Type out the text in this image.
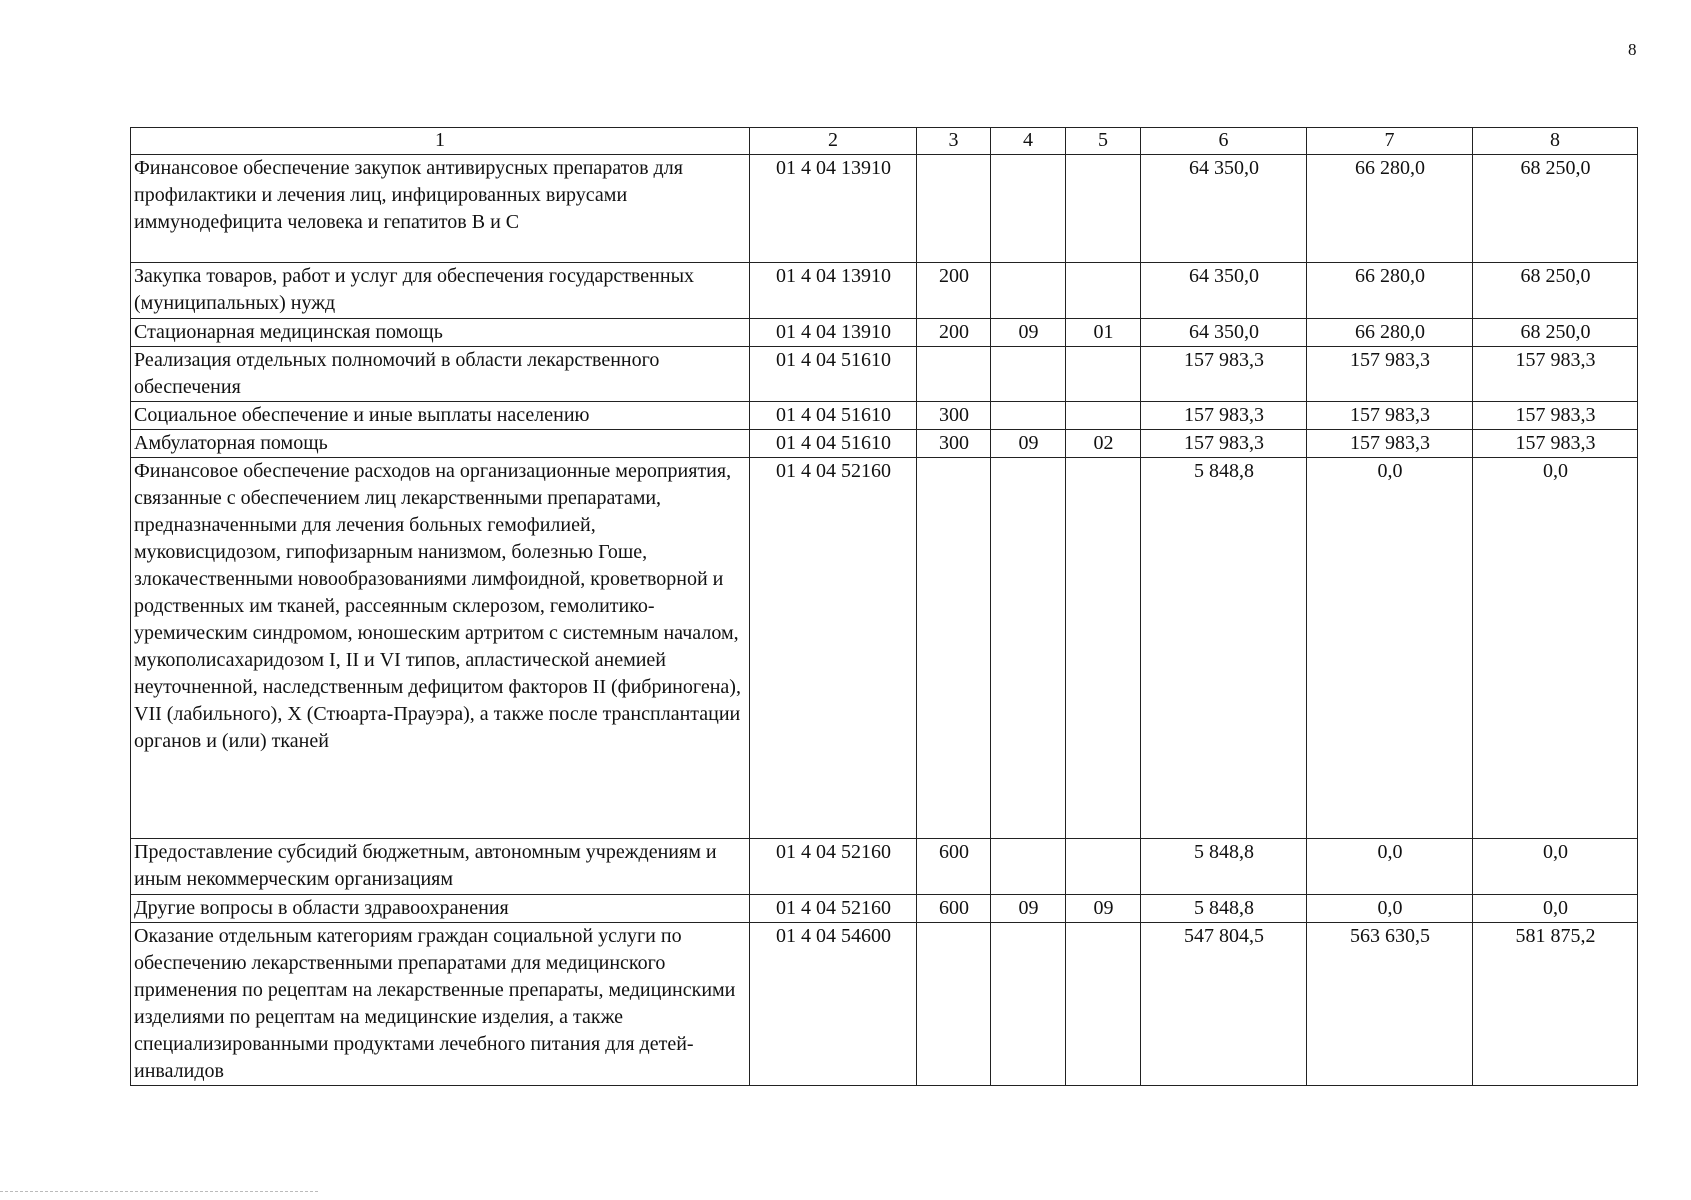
8
1	2	3	4	5	6	7	8
Финансовое обеспечение закупок антивирусных препаратов для профилактики и лечения лиц, инфицированных вирусами иммунодефицита человека и гепатитов В и С	01 4 04 13910				64 350,0	66 280,0	68 250,0
Закупка товаров, работ и услуг для обеспечения государственных (муниципальных) нужд	01 4 04 13910	200			64 350,0	66 280,0	68 250,0
Стационарная медицинская помощь	01 4 04 13910	200	09	01	64 350,0	66 280,0	68 250,0
Реализация отдельных полномочий в области лекарственного обеспечения	01 4 04 51610				157 983,3	157 983,3	157 983,3
Социальное обеспечение и иные выплаты населению	01 4 04 51610	300			157 983,3	157 983,3	157 983,3
Амбулаторная помощь	01 4 04 51610	300	09	02	157 983,3	157 983,3	157 983,3
Финансовое обеспечение расходов на организационные мероприятия, связанные с обеспечением лиц лекарственными препаратами, предназначенными для лечения больных гемофилией, муковисцидозом, гипофизарным нанизмом, болезнью Гоше, злокачественными новообразованиями лимфоидной, кроветворной и родственных им тканей, рассеянным склерозом, гемолитико-уремическим синдромом, юношеским артритом с системным началом, мукополисахаридозом I, II и VI типов, апластической анемией неуточненной, наследственным дефицитом факторов II (фибриногена), VII (лабильного), X (Стюарта-Прауэра), а также после трансплантации органов и (или) тканей	01 4 04 52160				5 848,8	0,0	0,0
Предоставление субсидий бюджетным, автономным учреждениям и иным некоммерческим организациям	01 4 04 52160	600			5 848,8	0,0	0,0
Другие вопросы в области здравоохранения	01 4 04 52160	600	09	09	5 848,8	0,0	0,0
Оказание отдельным категориям граждан социальной услуги по обеспечению лекарственными препаратами для медицинского применения по рецептам на лекарственные препараты, медицинскими изделиями по рецептам на медицинские изделия, а также специализированными продуктами лечебного питания для детей-инвалидов	01 4 04 54600				547 804,5	563 630,5	581 875,2
